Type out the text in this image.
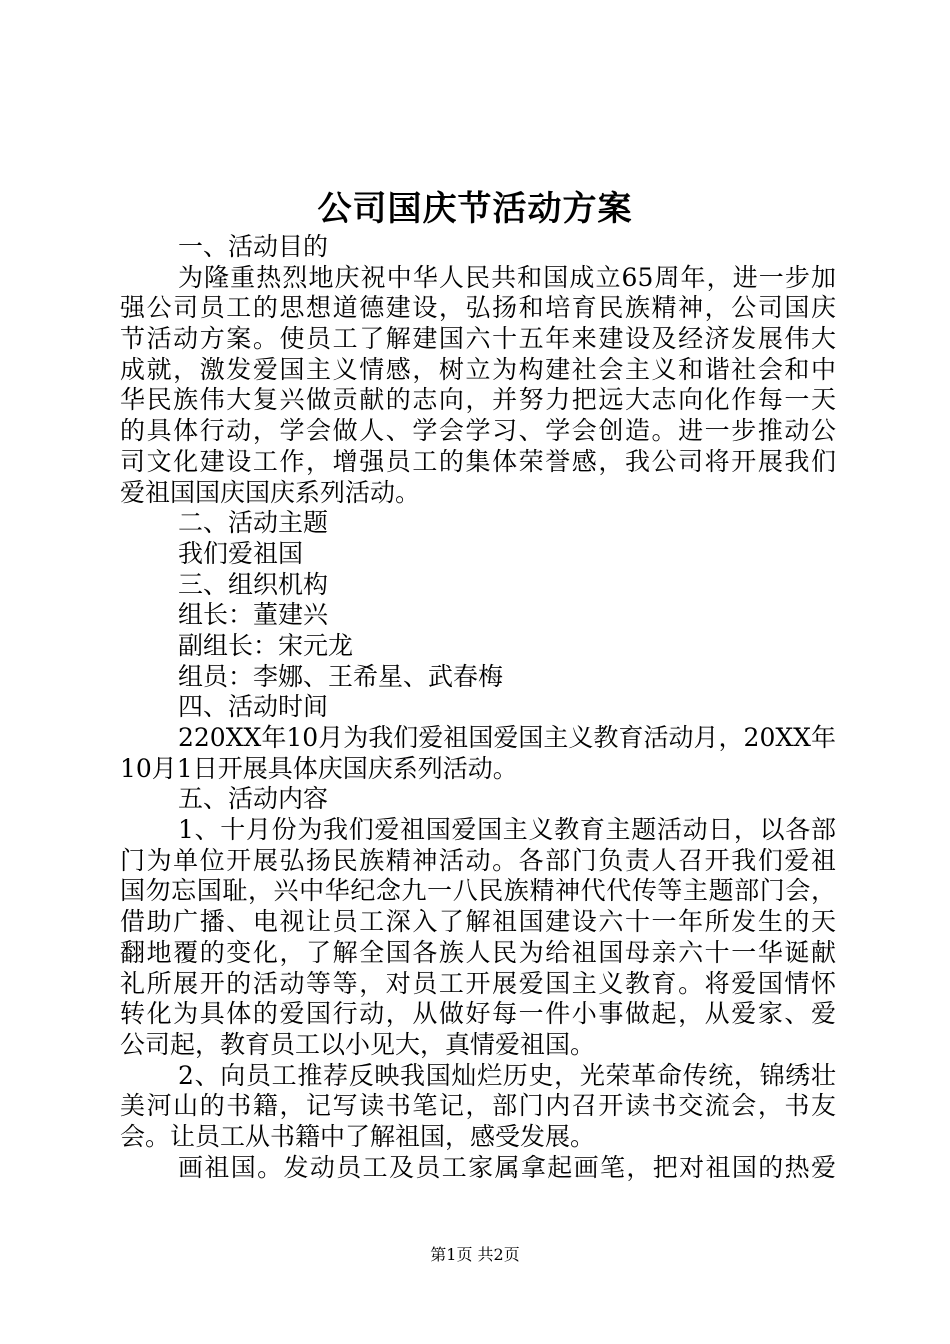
公司国庆节活动方案
一、活动目的
为隆重热烈地庆祝中华人民共和国成立65周年，进一步加
强公司员工的思想道德建设，弘扬和培育民族精神，公司国庆
节活动方案。使员工了解建国六十五年来建设及经济发展伟大
成就，激发爱国主义情感，树立为构建社会主义和谐社会和中
华民族伟大复兴做贡献的志向，并努力把远大志向化作每一天
的具体行动，学会做人、学会学习、学会创造。进一步推动公
司文化建设工作，增强员工的集体荣誉感，我公司将开展我们
爱祖国国庆国庆系列活动。
二、活动主题
我们爱祖国
三、组织机构
组长：董建兴
副组长：宋元龙
组员：李娜、王希星、武春梅
四、活动时间
220XX年10月为我们爱祖国爱国主义教育活动月，20XX年
10月1日开展具体庆国庆系列活动。
五、活动内容
1、十月份为我们爱祖国爱国主义教育主题活动日，以各部
门为单位开展弘扬民族精神活动。各部门负责人召开我们爱祖
国勿忘国耻，兴中华纪念九一八民族精神代代传等主题部门会，
借助广播、电视让员工深入了解祖国建设六十一年所发生的天
翻地覆的变化，了解全国各族人民为给祖国母亲六十一华诞献
礼所展开的活动等等，对员工开展爱国主义教育。将爱国情怀
转化为具体的爱国行动，从做好每一件小事做起，从爱家、爱
公司起，教育员工以小见大，真情爱祖国。
2、向员工推荐反映我国灿烂历史，光荣革命传统，锦绣壮
美河山的书籍，记写读书笔记，部门内召开读书交流会，书友
会。让员工从书籍中了解祖国，感受发展。
画祖国。发动员工及员工家属拿起画笔，把对祖国的热爱
第1页 共2页
